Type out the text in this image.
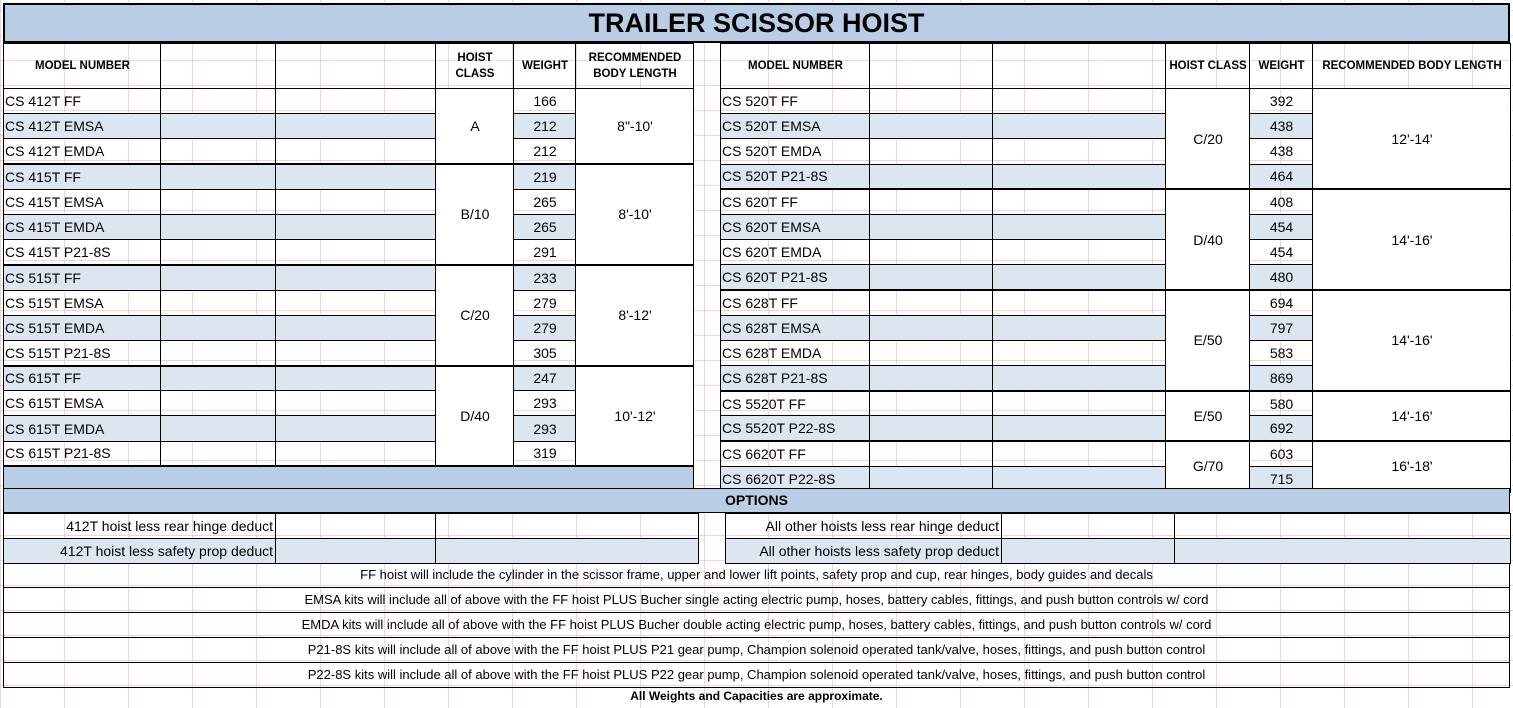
TRAILER SCISSOR HOIST
MODEL NUMBER			HOIST CLASS	WEIGHT	RECOMMENDED BODY LENGTH		MODEL NUMBER			HOIST CLASS	WEIGHT	RECOMMENDED BODY LENGTH
CS 412T FF			A	166	8"-10'		CS 520T FF			C/20	392	12'-14'
CS 412T EMSA				212			CS 520T EMSA				438	
CS 412T EMDA				212			CS 520T EMDA				438	
CS 415T FF			B/10	219	8'-10'		CS 520T P21-8S				464	
CS 415T EMSA				265			CS 620T FF			D/40	408	14'-16'
CS 415T EMDA				265			CS 620T EMSA				454	
CS 415T P21-8S				291			CS 620T EMDA				454	
CS 515T FF			C/20	233	8'-12'		CS 620T P21-8S				480	
CS 515T EMSA				279			CS 628T FF			E/50	694	14'-16'
CS 515T EMDA				279			CS 628T EMSA				797	
CS 515T P21-8S				305			CS 628T EMDA				583	
CS 615T FF			D/40	247	10'-12'		CS 628T P21-8S				869	
CS 615T EMSA				293			CS 5520T FF			E/50	580	14'-16'
CS 615T EMDA				293			CS 5520T P22-8S				692	
CS 615T P21-8S				319			CS 6620T FF			G/70	603	16'-18'
							CS 6620T P22-8S				715	
OPTIONS
412T hoist less rear hinge deduct		
412T hoist less safety prop deduct		
All other hoists less rear hinge deduct		
All other hoists less safety prop deduct		
FF hoist will include the cylinder in the scissor frame, upper and lower lift points, safety prop and cup, rear hinges, body guides and decals
EMSA kits will include all of above with the FF hoist PLUS Bucher single acting electric pump, hoses, battery cables, fittings, and push button controls w/ cord
EMDA kits will include all of above with the FF hoist PLUS Bucher double acting electric pump, hoses, battery cables, fittings, and push button controls w/ cord
P21-8S kits will include all of above with the FF hoist PLUS P21 gear pump, Champion solenoid operated tank/valve, hoses, fittings, and push button control
P22-8S kits will include all of above with the FF hoist PLUS P22 gear pump, Champion solenoid operated tank/valve, hoses, fittings, and push button control
All Weights and Capacities are approximate.
